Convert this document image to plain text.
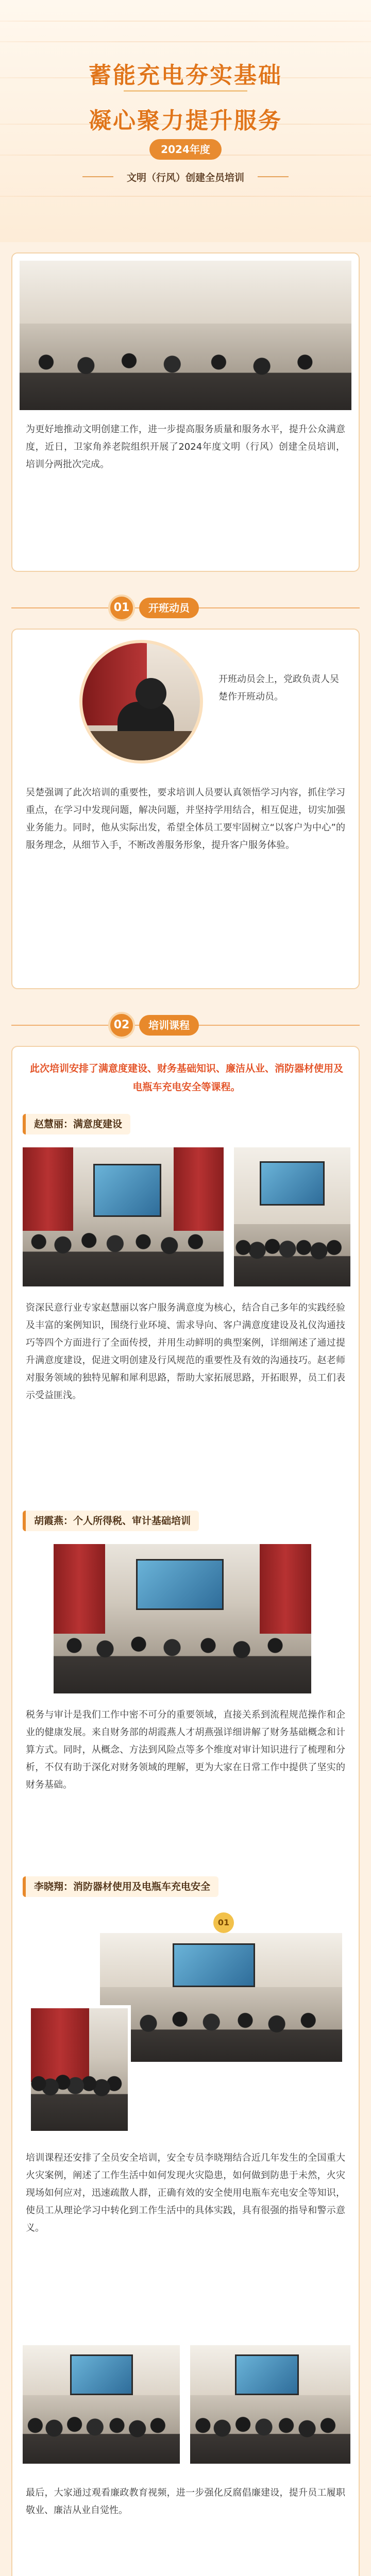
蓄能充电夯实基础
凝心聚力提升服务
2024年度
文明（行风）创建全员培训
为更好地推动文明创建工作，进一步提高服务质量和服务水平，提升公众满意度，近日，卫家角养老院组织开展了2024年度文明（行风）创建全员培训，培训分两批次完成。
01	开班动员
开班动员会上，党政负责人吴楚作开班动员。
吴楚强调了此次培训的重要性，要求培训人员要认真领悟学习内容，抓住学习重点，在学习中发现问题，解决问题，并坚持学用结合，相互促进，切实加强业务能力。同时，他从实际出发，希望全体员工要牢固树立“以客户为中心”的服务理念，从细节入手，不断改善服务形象，提升客户服务体验。
02	培训课程
此次培训安排了满意度建设、财务基础知识、廉洁从业、消防器材使用及电瓶车充电安全等课程。
赵慧丽：满意度建设
资深民意行业专家赵慧丽以客户服务满意度为核心，结合自己多年的实践经验及丰富的案例知识，围绕行业环境、需求导向、客户满意度建设及礼仪沟通技巧等四个方面进行了全面传授，并用生动鲜明的典型案例，详细阐述了通过提升满意度建设，促进文明创建及行风规范的重要性及有效的沟通技巧。赵老师对服务领域的独特见解和犀利思路，帮助大家拓展思路，开拓眼界，员工们表示受益匪浅。
胡霞燕：个人所得税、审计基础培训
税务与审计是我们工作中密不可分的重要领域，直接关系到流程规范操作和企业的健康发展。来自财务部的胡霞燕人才胡燕强详细讲解了财务基础概念和计算方式。同时，从概念、方法到风险点等多个维度对审计知识进行了梳理和分析，不仅有助于深化对财务领域的理解，更为大家在日常工作中提供了坚实的财务基础。
李晓翔：消防器材使用及电瓶车充电安全
01
培训课程还安排了全员安全培训，安全专员李晓翔结合近几年发生的全国重大火灾案例，阐述了工作生活中如何发现火灾隐患，如何做到防患于未然，火灾现场如何应对，迅速疏散人群，正确有效的安全使用电瓶车充电安全等知识，使员工从理论学习中转化到工作生活中的具体实践，具有很强的指导和警示意义。
最后，大家通过观看廉政教育视频，进一步强化反腐倡廉建设，提升员工履职敬业、廉洁从业自觉性。
